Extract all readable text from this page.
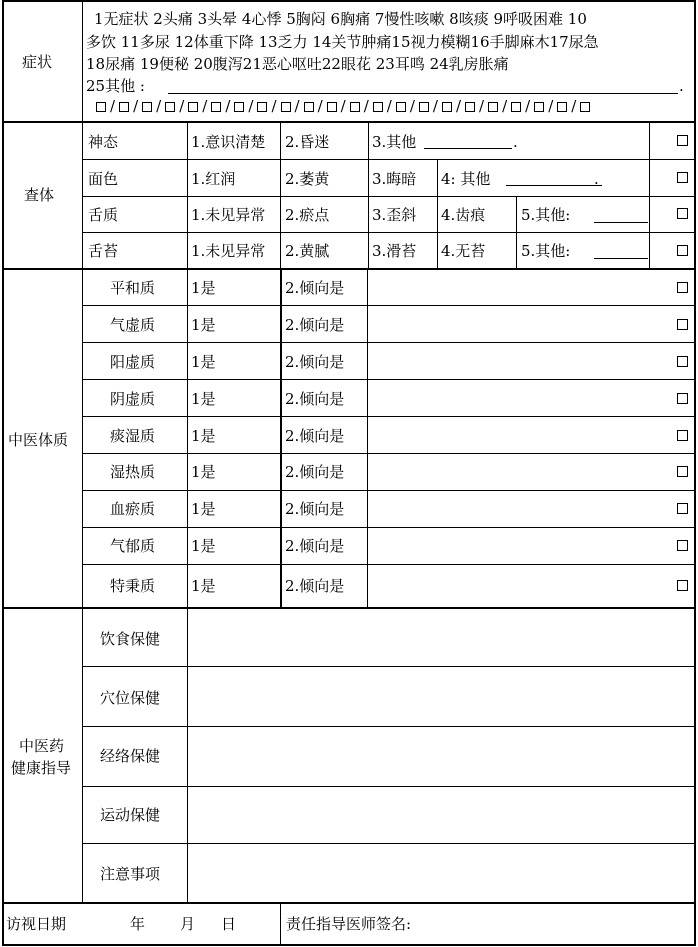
症状
1无症状 2头痛 3头晕 4心悸 5胸闷 6胸痛 7慢性咳嗽 8咳痰 9呼吸困难 10
多饮 11多尿 12体重下降 13乏力 14关节肿痛15视力模糊16手脚麻木17尿急
18尿痛 19便秘 20腹泻21恶心呕吐22眼花 23耳鸣 24乳房胀痛
25其他 :	.
/ / / / / / / / / / / / / / / / / / / / /
查体
神态	1.意识清楚 2.昏迷	3.其他	.
面色	1.红润	2.萎黄	3.晦暗 4: 其他	.
舌质	1.未见异常 2.瘀点	3.歪斜 4.齿痕 5.其他:
舌苔	1.未见异常 2.黄腻	3.滑苔 4.无苔 5.其他:
中医体质
平和质 1是	2.倾向是
气虚质 1是	2.倾向是
阳虚质 1是	2.倾向是
阴虚质 1是	2.倾向是
痰湿质 1是	2.倾向是
湿热质 1是	2.倾向是
血瘀质 1是	2.倾向是
气郁质 1是	2.倾向是
特秉质 1是	2.倾向是
中医药
健康指导
饮食保健
穴位保健
经络保健
运动保健
注意事项
访视日期	年 月 日	责任指导医师签名:
